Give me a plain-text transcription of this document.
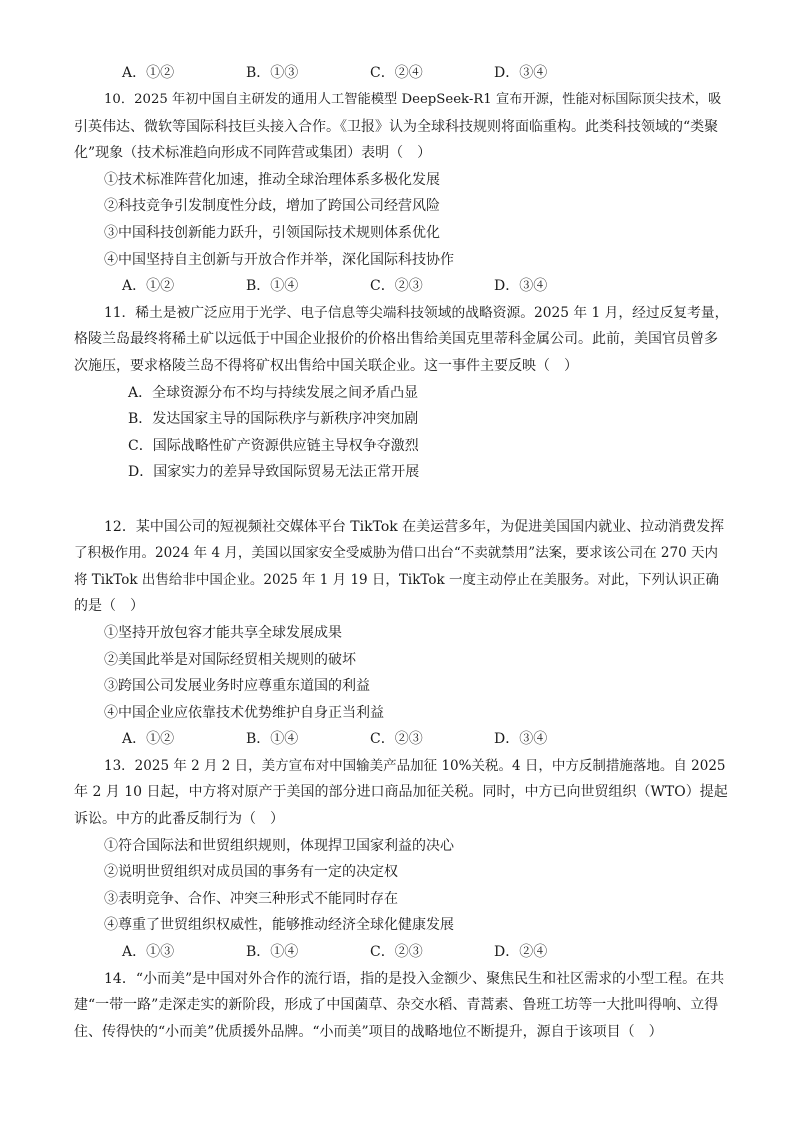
A．①②	B．①③	C．②④	D．③④
10．2025 年初中国自主研发的通用人工智能模型 DeepSeek-R1 宣布开源，性能对标国际顶尖技术，吸
引英伟达、微软等国际科技巨头接入合作。《卫报》认为全球科技规则将面临重构。此类科技领域的“类聚
化”现象（技术标准趋向形成不同阵营或集团）表明（　）
①技术标准阵营化加速，推动全球治理体系多极化发展
②科技竞争引发制度性分歧，增加了跨国公司经营风险
③中国科技创新能力跃升，引领国际技术规则体系优化
④中国坚持自主创新与开放合作并举，深化国际科技协作
A．①②	B．①④	C．②③	D．③④
11．稀土是被广泛应用于光学、电子信息等尖端科技领域的战略资源。2025 年 1 月，经过反复考量，
格陵兰岛最终将稀土矿以远低于中国企业报价的价格出售给美国克里蒂科金属公司。此前，美国官员曾多
次施压，要求格陵兰岛不得将矿权出售给中国关联企业。这一事件主要反映（　）
A．全球资源分布不均与持续发展之间矛盾凸显
B．发达国家主导的国际秩序与新秩序冲突加剧
C．国际战略性矿产资源供应链主导权争夺激烈
D．国家实力的差异导致国际贸易无法正常开展
12．某中国公司的短视频社交媒体平台 TikTok 在美运营多年，为促进美国国内就业、拉动消费发挥
了积极作用。2024 年 4 月，美国以国家安全受威胁为借口出台“不卖就禁用”法案，要求该公司在 270 天内
将 TikTok 出售给非中国企业。2025 年 1 月 19 日，TikTok 一度主动停止在美服务。对此，下列认识正确
的是（　）
①坚持开放包容才能共享全球发展成果
②美国此举是对国际经贸相关规则的破坏
③跨国公司发展业务时应尊重东道国的利益
④中国企业应依靠技术优势维护自身正当利益
A．①②	B．①④	C．②③	D．③④
13．2025 年 2 月 2 日，美方宣布对中国输美产品加征 10%关税。4 日，中方反制措施落地。自 2025
年 2 月 10 日起，中方将对原产于美国的部分进口商品加征关税。同时，中方已向世贸组织（WTO）提起
诉讼。中方的此番反制行为（　）
①符合国际法和世贸组织规则，体现捍卫国家利益的决心
②说明世贸组织对成员国的事务有一定的决定权
③表明竞争、合作、冲突三种形式不能同时存在
④尊重了世贸组织权威性，能够推动经济全球化健康发展
A．①③	B．①④	C．②③	D．②④
14．“小而美”是中国对外合作的流行语，指的是投入金额少、聚焦民生和社区需求的小型工程。在共
建“一带一路”走深走实的新阶段，形成了中国菌草、杂交水稻、青蒿素、鲁班工坊等一大批叫得响、立得
住、传得快的“小而美”优质援外品牌。“小而美”项目的战略地位不断提升，源自于该项目（　）
